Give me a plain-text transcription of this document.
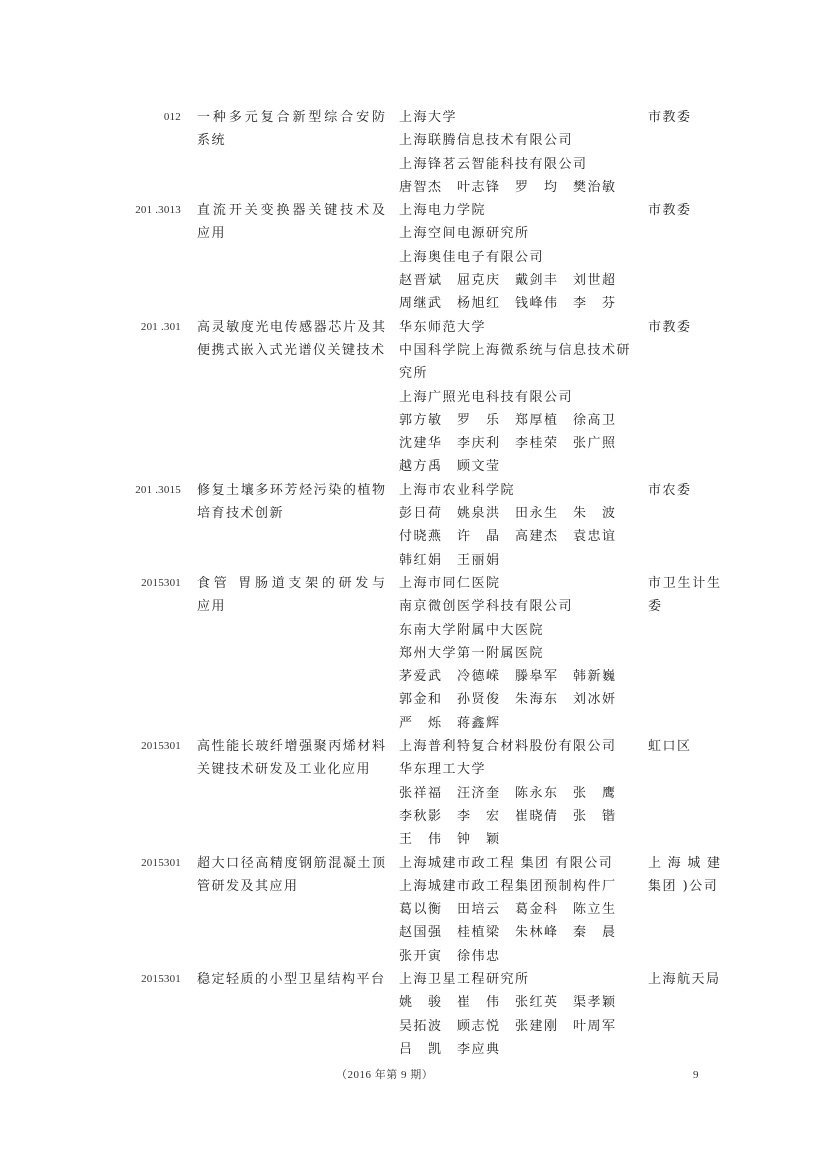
012 一种多元复合新型综合安防
系统
上海大学
上海联腾信息技术有限公司
上海锋茗云智能科技有限公司
唐智杰　叶志锋　罗　均　樊治敏
市教委
201 .3013 直流开关变换器关键技术及
应用
上海电力学院
上海空间电源研究所
上海奥佳电子有限公司
赵晋斌　屈克庆　戴剑丰　刘世超
周继武　杨旭红　钱峰伟　李　芬
市教委
201 .301 高灵敏度光电传感器芯片及其
便携式嵌入式光谱仪关键技术
华东师范大学
中国科学院上海微系统与信息技术研
究所
上海广照光电科技有限公司
郭方敏　罗　乐　郑厚植　徐高卫
沈建华　李庆利　李桂荣　张广照
越方禹　顾文莹
市教委
201 .3015 修复土壤多环芳烃污染的植物
培育技术创新
上海市农业科学院
彭日荷　姚泉洪　田永生　朱　波
付晓燕　许　晶　高建杰　袁忠谊
韩红娟　王丽娟
市农委
2015301 食管 胃肠道支架的研发与
应用
上海市同仁医院
南京微创医学科技有限公司
东南大学附属中大医院
郑州大学第一附属医院
茅爱武　冷德嵘　滕皋军　韩新巍
郭金和　孙贤俊　朱海东　刘冰妍
严　烁　蒋鑫辉
市卫生计生
委
2015301 高性能长玻纤增强聚丙烯材料
关键技术研发及工业化应用
上海普利特复合材料股份有限公司
华东理工大学
张祥福　汪济奎　陈永东　张　鹰
李秋影　李　宏　崔晓倩　张　锴
王　伟　钟　颖
虹口区
2015301 超大口径高精度钢筋混凝土顶
管研发及其应用
上海城建市政工程 集团 有限公司
上海城建市政工程集团预制构件厂
葛以衡　田培云　葛金科　陈立生
赵国强　桂植梁　朱林峰　秦　晨
张开寅　徐伟忠
上海城建
集团 )公司
2015301 稳定轻质的小型卫星结构平台 上海卫星工程研究所
姚　骏　崔　伟　张红英　渠孝颖
吴拓波　顾志悦　张建刚　叶周军
吕　凯　李应典
上海航天局
（2016 年第 9 期）	9
